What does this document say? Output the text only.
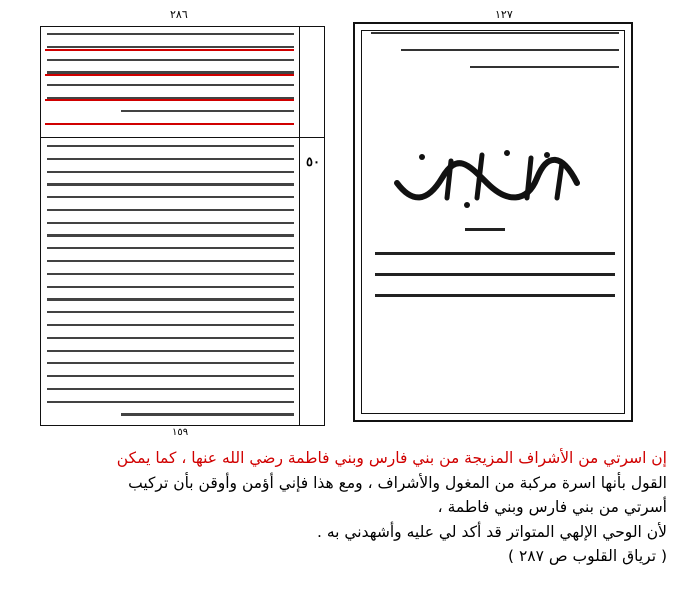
٢٨٦
٥٠
١٥٩
١٢٧
إن اسرتي من الأشراف المزيجة من بني فارس وبني فاطمة رضي الله عنها ، كما يمكن
القول بأنها اسرة مركبة من المغول والأشراف ، ومع هذا فإني أؤمن وأوقن بأن تركيب
أسرتي من بني فارس وبني فاطمة ،
لأن الوحي الإلهي المتواتر قد أكد لي عليه وأشهدني به .
( ترياق القلوب ص ٢٨٧ )
